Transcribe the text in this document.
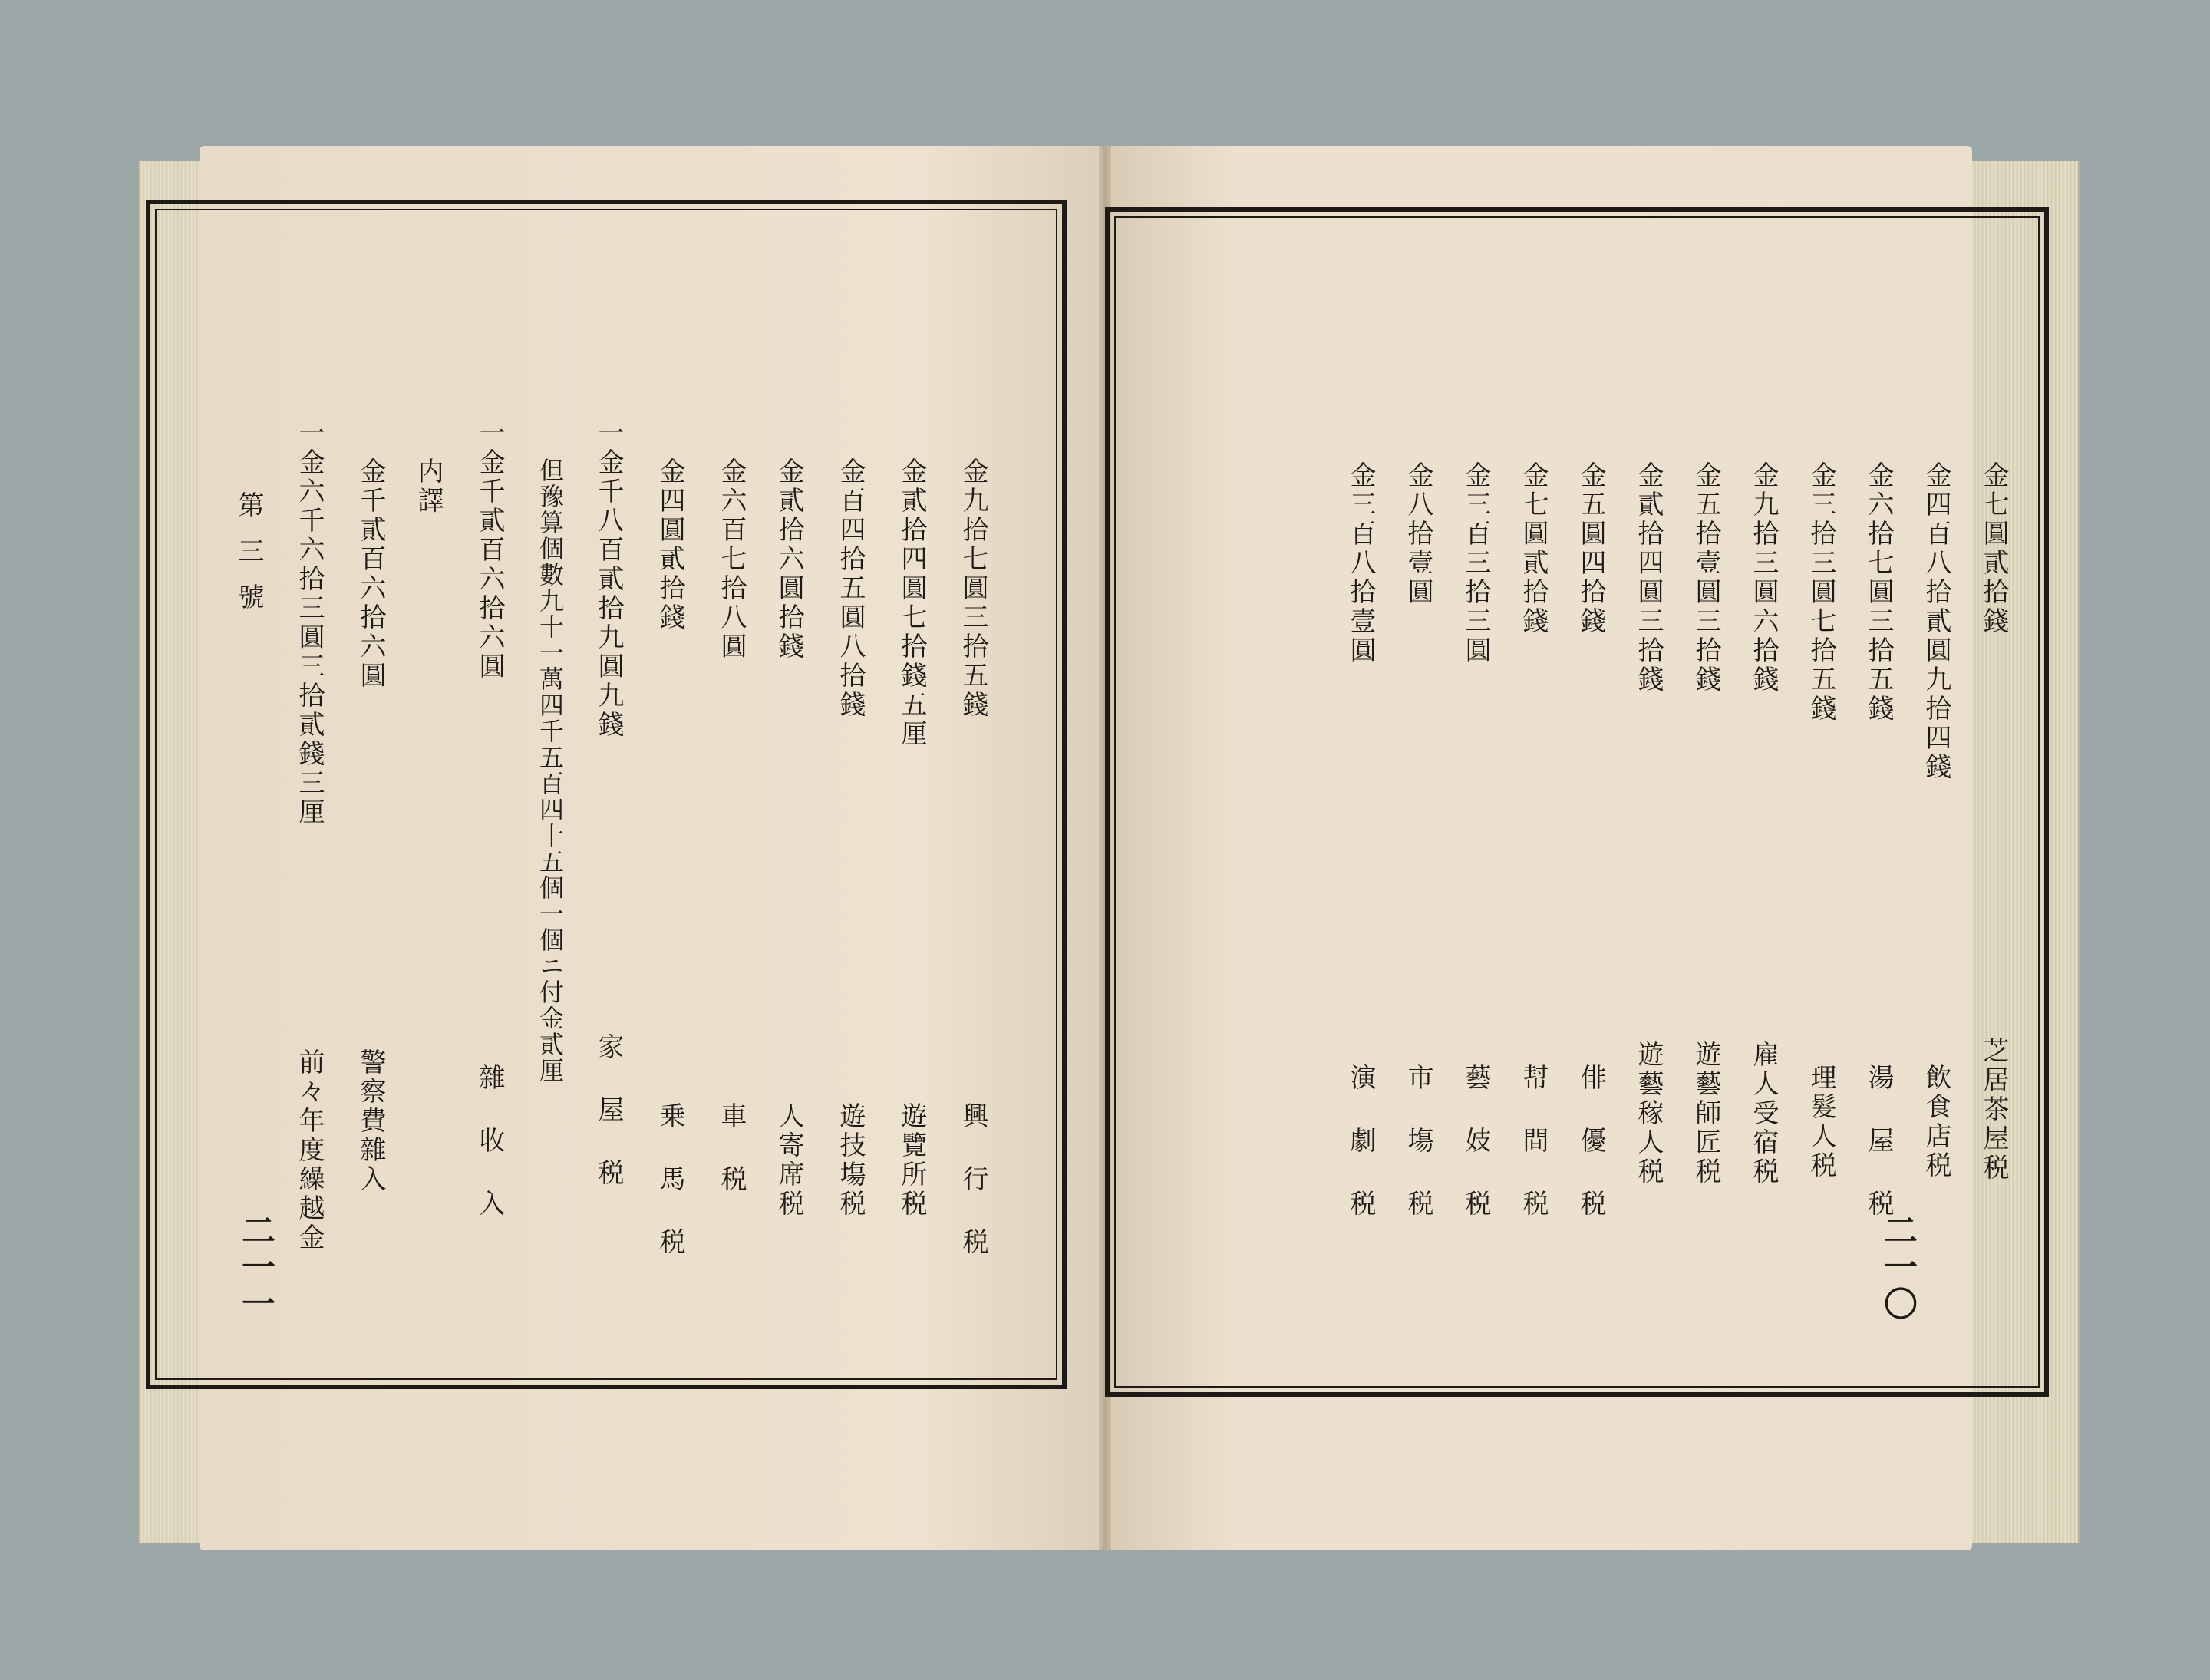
第三號
二一一
金九拾七圓三拾五錢
興 行 税
金貳拾四圓七拾錢五厘
遊覽所税
金百四拾五圓八拾錢
遊技塲税
金貳拾六圓拾錢
人寄席税
金六百七拾八圓
車 税
金四圓貳拾錢
乗 馬 税
一金千八百貳拾九圓九錢
家 屋 税
但豫算個數九十一萬四千五百四十五個一個ニ付金貳厘
一金千貳百六拾六圓
雜 收 入
内譯
金千貳百六拾六圓
警察費雜入
一金六千六拾三圓三拾貳錢三厘
前々年度繰越金
金七圓貳拾錢
芝居茶屋税
金四百八拾貳圓九拾四錢
飲食店税
金六拾七圓三拾五錢
湯 屋 税
金三拾三圓七拾五錢
理髮人税
金九拾三圓六拾錢
雇人受宿税
金五拾壹圓三拾錢
遊藝師匠税
金貳拾四圓三拾錢
遊藝稼人税
金五圓四拾錢
俳 優 税
金七圓貳拾錢
幇 間 税
金三百三拾三圓
藝 妓 税
金八拾壹圓
市 塲 税
金三百八拾壹圓
演 劇 税
二一〇
